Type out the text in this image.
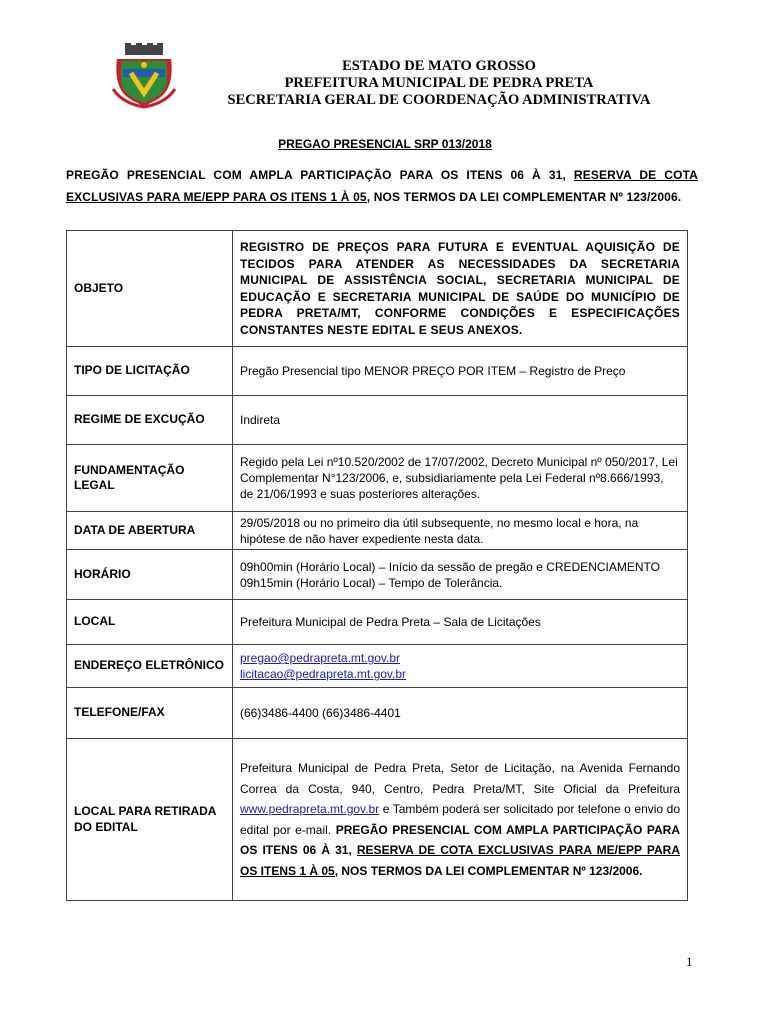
ESTADO DE MATO GROSSO
PREFEITURA MUNICIPAL DE PEDRA PRETA
SECRETARIA GERAL DE COORDENAÇÃO ADMINISTRATIVA
PREGAO PRESENCIAL SRP 013/2018
PREGÃO PRESENCIAL COM AMPLA PARTICIPAÇÃO PARA OS ITENS 06 À 31, RESERVA DE COTA EXCLUSIVAS PARA ME/EPP PARA OS ITENS 1 À 05, NOS TERMOS DA LEI COMPLEMENTAR Nº 123/2006.
OBJETO	REGISTRO DE PREÇOS PARA FUTURA E EVENTUAL AQUISIÇÃO DE TECIDOS PARA ATENDER AS NECESSIDADES DA SECRETARIA MUNICIPAL DE ASSISTÊNCIA SOCIAL, SECRETARIA MUNICIPAL DE EDUCAÇÃO E SECRETARIA MUNICIPAL DE SAÚDE DO MUNICÍPIO DE PEDRA PRETA/MT, CONFORME CONDIÇÕES E ESPECIFICAÇÕES CONSTANTES NESTE EDITAL E SEUS ANEXOS.
TIPO DE LICITAÇÃO	Pregão Presencial tipo MENOR PREÇO POR ITEM – Registro de Preço
REGIME DE EXCUÇÃO	Indireta
FUNDAMENTAÇÃO LEGAL	Regido pela Lei nº10.520/2002 de 17/07/2002, Decreto Municipal nº 050/2017, Lei Complementar N°123/2006, e, subsidiariamente pela Lei Federal nº8.666/1993, de 21/06/1993 e suas posteriores alterações.
DATA DE ABERTURA	29/05/2018 ou no primeiro dia útil subsequente, no mesmo local e hora, na hipótese de não haver expediente nesta data.
HORÁRIO	09h00min (Horário Local) – Início da sessão de pregão e CREDENCIAMENTO
09h15min (Horário Local) – Tempo de Tolerância.

LOCAL	Prefeitura Municipal de Pedra Preta – Sala de Licitações
ENDEREÇO ELETRÔNICO	pregao@pedrapreta.mt.gov.br
licitacao@pedrapreta.mt.gov.br

TELEFONE/FAX	(66)3486-4400 (66)3486-4401
LOCAL PARA RETIRADA DO EDITAL	Prefeitura Municipal de Pedra Preta, Setor de Licitação, na Avenida Fernando Correa da Costa, 940, Centro, Pedra Preta/MT, Site Oficial da Prefeitura www.pedrapreta.mt.gov.br e Também poderá ser solicitado por telefone o envio do edital por e-mail. PREGÃO PRESENCIAL COM AMPLA PARTICIPAÇÃO PARA OS ITENS 06 À 31, RESERVA DE COTA EXCLUSIVAS PARA ME/EPP PARA OS ITENS 1 À 05, NOS TERMOS DA LEI COMPLEMENTAR Nº 123/2006.

1
